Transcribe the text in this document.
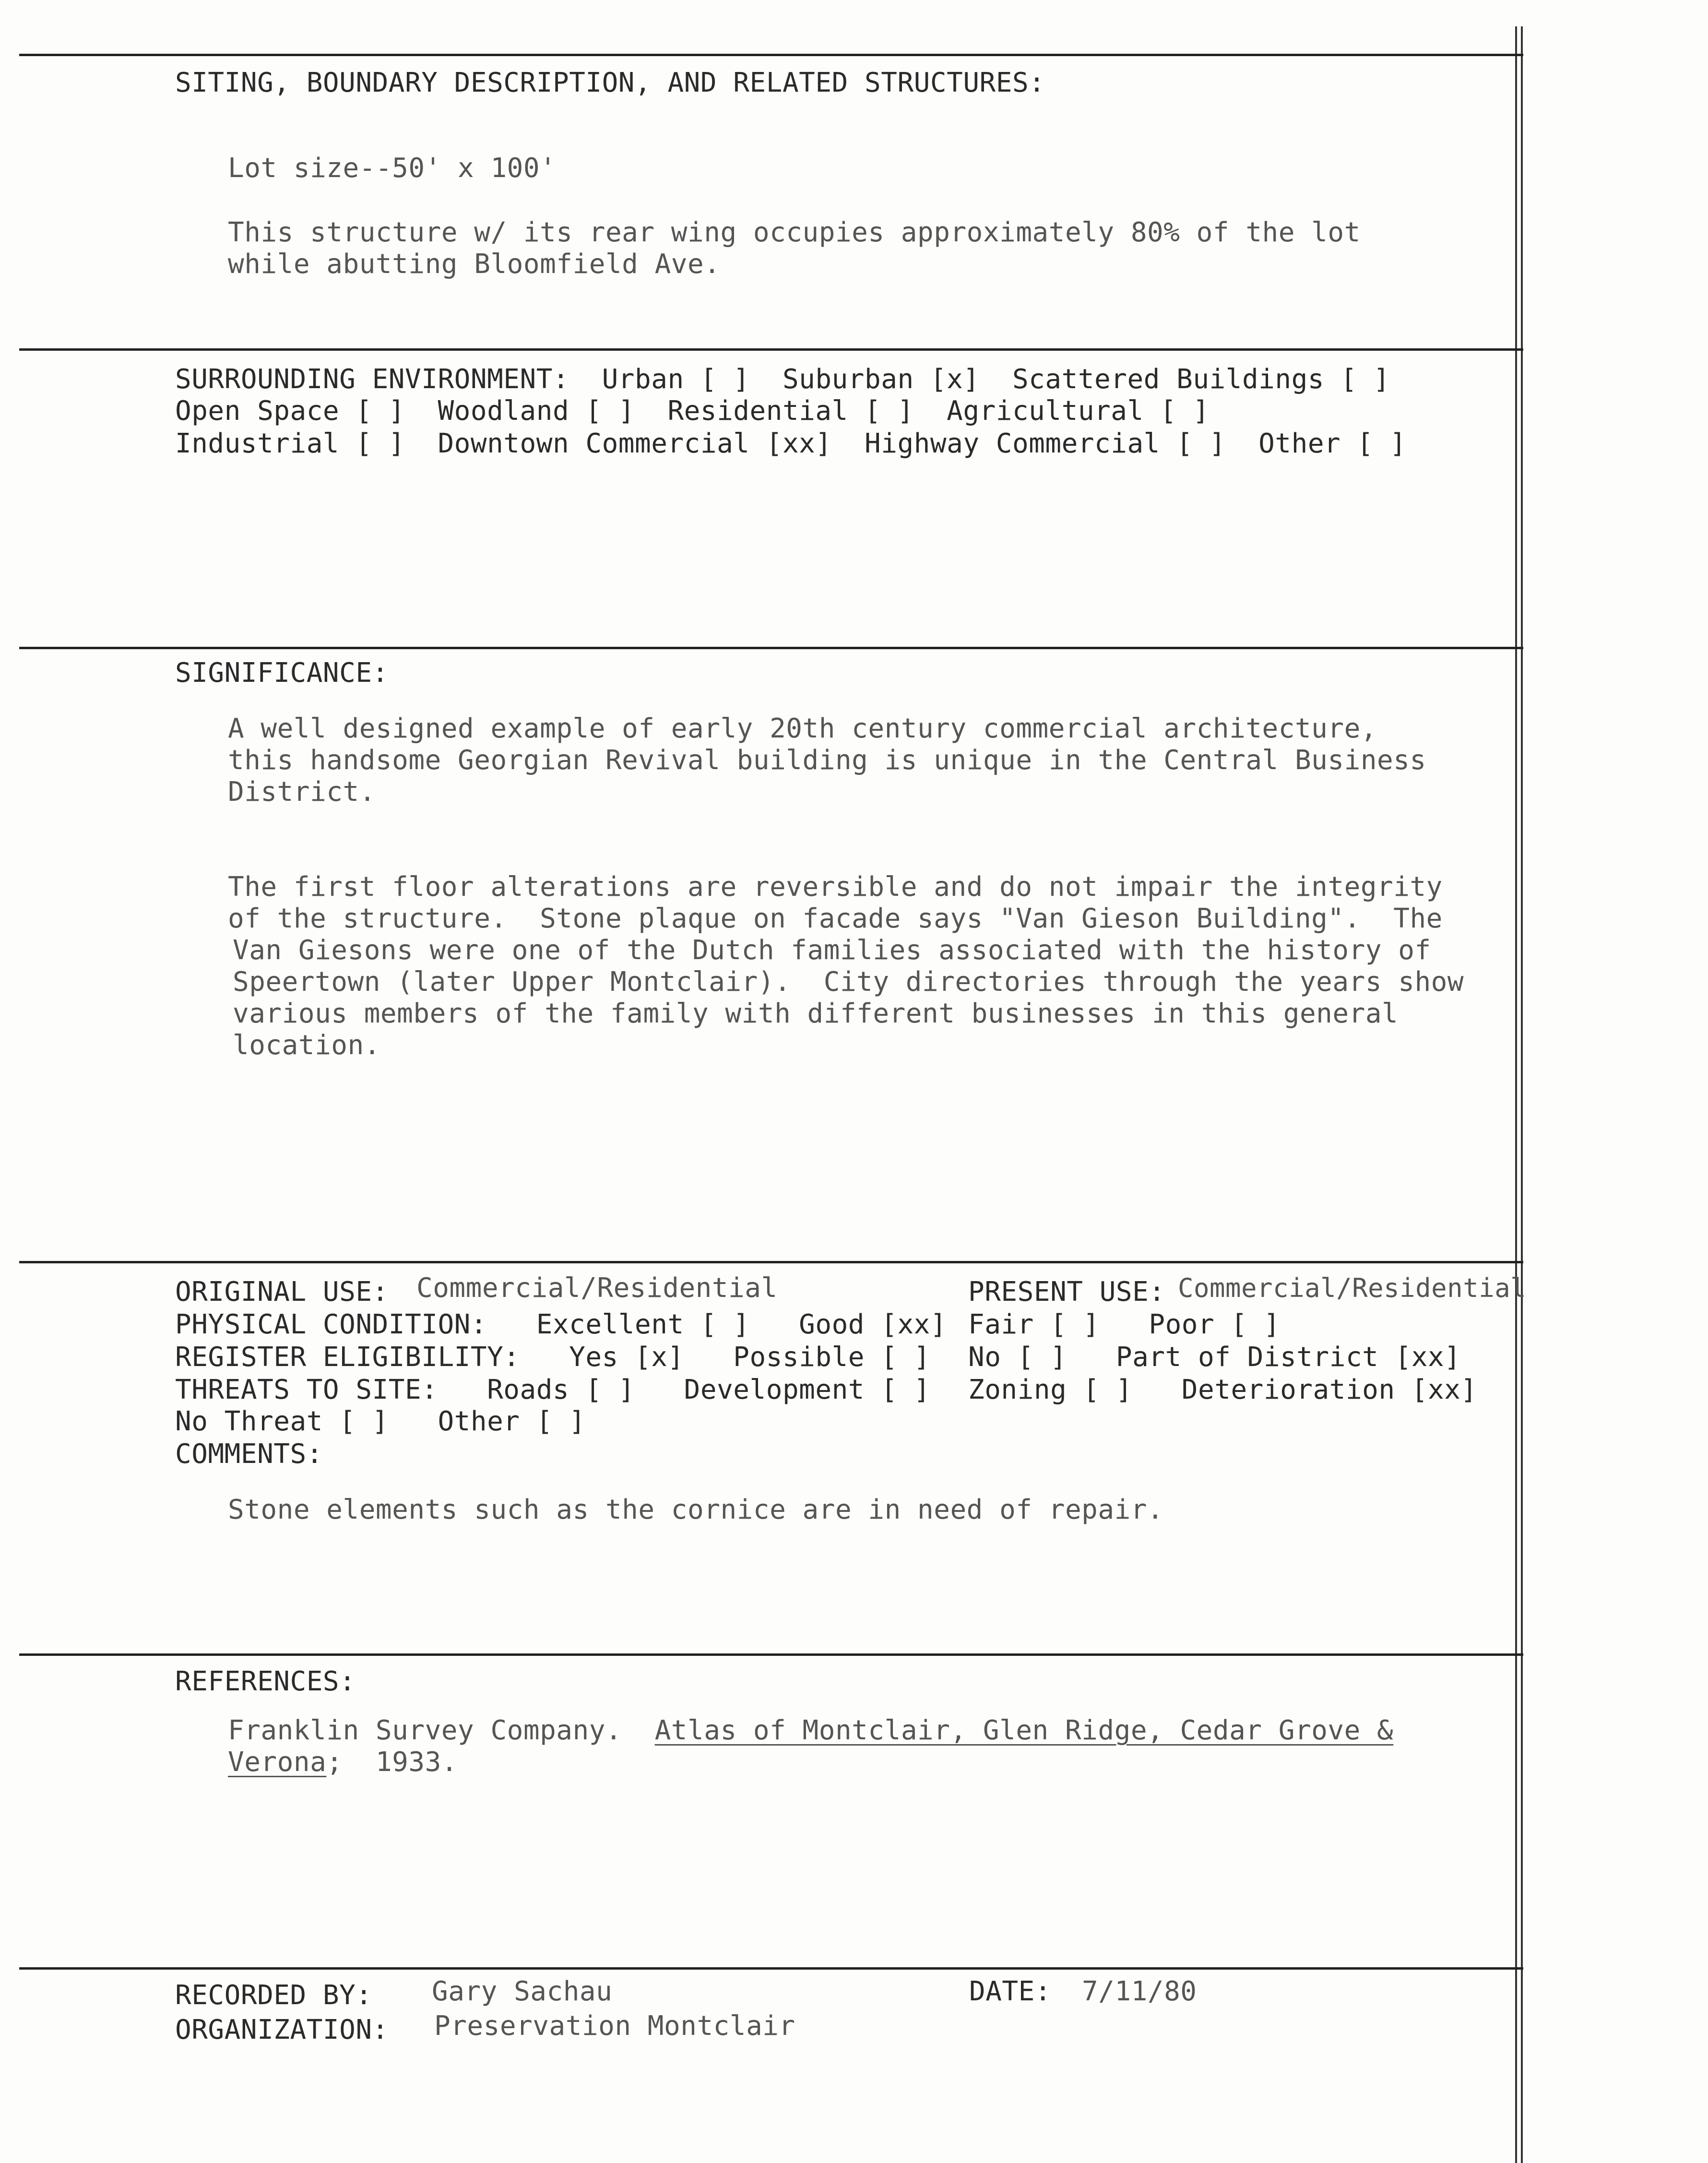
SITING, BOUNDARY DESCRIPTION, AND RELATED STRUCTURES:
Lot size--50' x 100'
This structure w/ its rear wing occupies approximately 80% of the lot
while abutting Bloomfield Ave.
SURROUNDING ENVIRONMENT:  Urban [ ]  Suburban [x]  Scattered Buildings [ ]
Open Space [ ]  Woodland [ ]  Residential [ ]  Agricultural [ ]
Industrial [ ]  Downtown Commercial [xx]  Highway Commercial [ ]  Other [ ]
SIGNIFICANCE:
A well designed example of early 20th century commercial architecture,
this handsome Georgian Revival building is unique in the Central Business
District.
The first floor alterations are reversible and do not impair the integrity
of the structure.  Stone plaque on facade says "Van Gieson Building".  The
Van Giesons were one of the Dutch families associated with the history of
Speertown (later Upper Montclair).  City directories through the years show
various members of the family with different businesses in this general
location.
ORIGINAL USE: Commercial/Residential	PRESENT USE: Commercial/Residential
PHYSICAL CONDITION:   Excellent [ ]   Good [xx] Fair [ ]   Poor [ ]
REGISTER ELIGIBILITY:   Yes [x]   Possible [ ] No [ ]   Part of District [xx]
THREATS TO SITE:   Roads [ ]   Development [ ] Zoning [ ]   Deterioration [xx]
No Threat [ ]   Other [ ]
COMMENTS:
Stone elements such as the cornice are in need of repair.
REFERENCES:
Franklin Survey Company. Atlas of Montclair, Glen Ridge, Cedar Grove &
Verona;  1933.
RECORDED BY: Gary Sachau	DATE: 7/11/80
ORGANIZATION: Preservation Montclair
